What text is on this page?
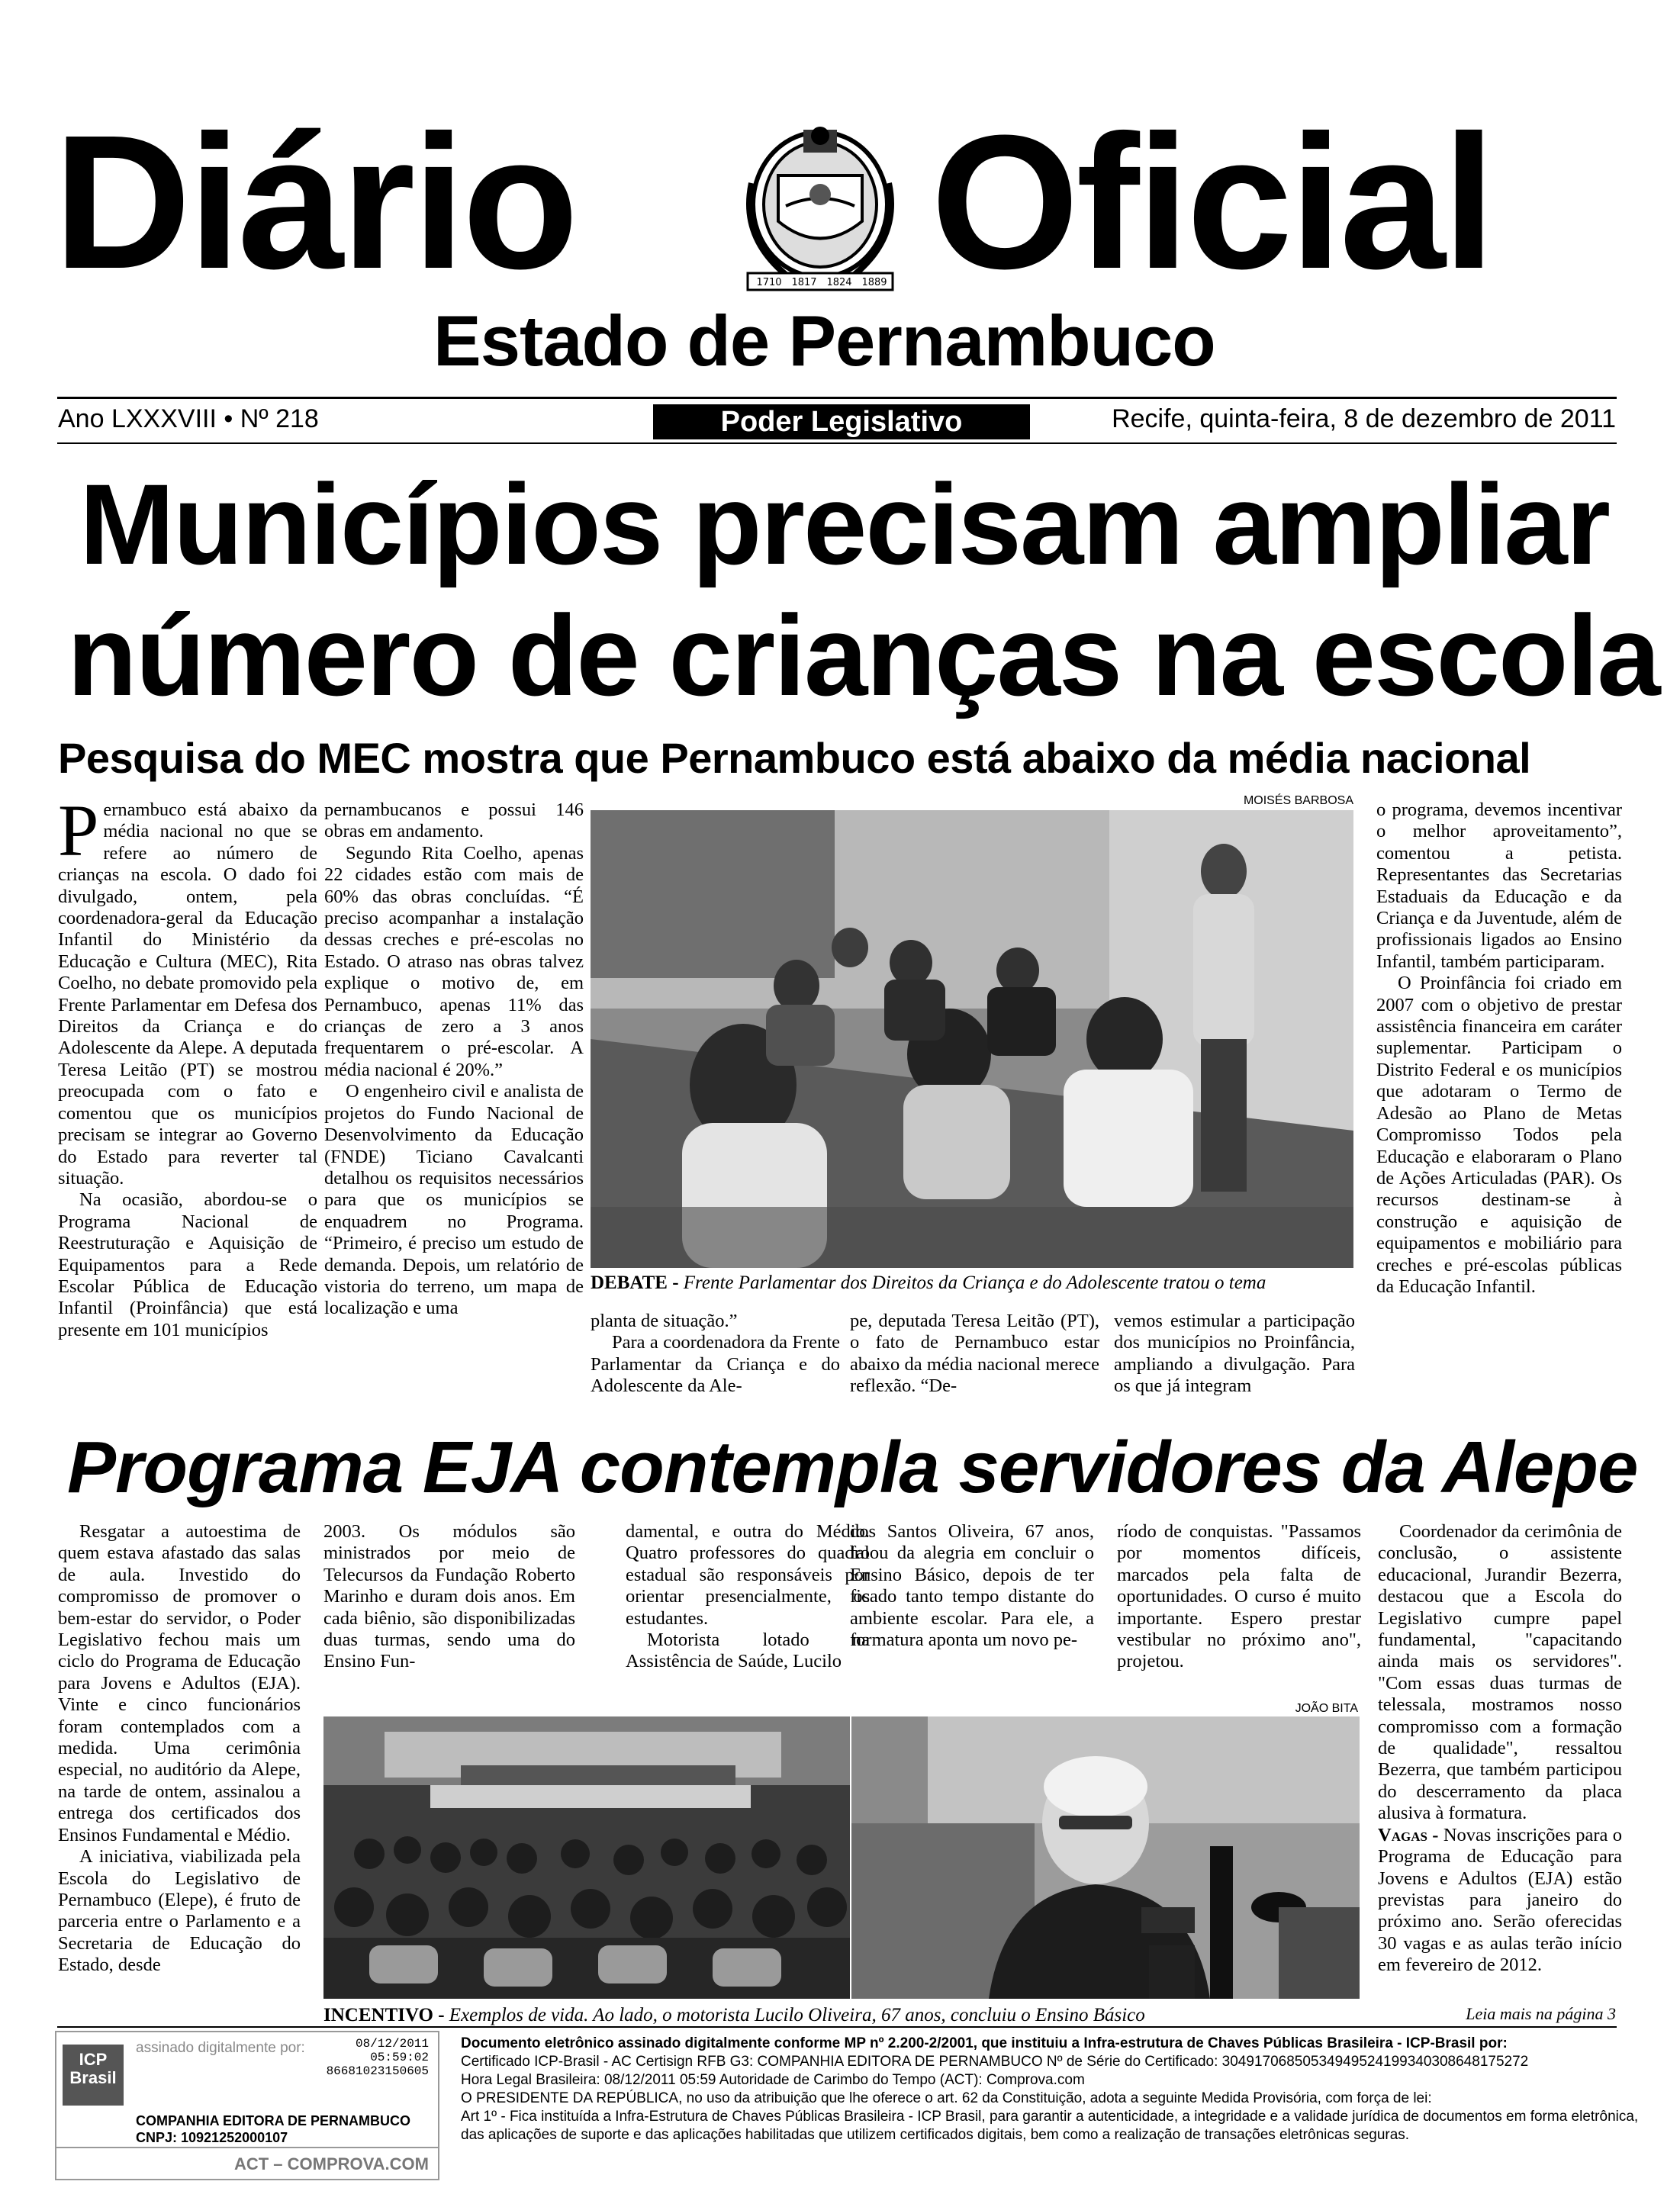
Diário	1710 1817 1824 1889 Oficial
Estado de Pernambuco
Ano LXXXVIII • Nº 218	Poder Legislativo	Recife, quinta-feira, 8 de dezembro de 2011
Municípios precisam ampliar
número de crianças na escola
Pesquisa do MEC mostra que Pernambuco está abaixo da média nacional

Pernambuco está abaixo da média nacional no que se refere ao número de crianças na escola. O dado foi divulgado, ontem, pela coordenadora-geral da Educação Infantil do Ministério da Educação e Cultura (MEC), Rita Coelho, no debate promovido pela Frente Parlamentar em Defesa dos Direitos da Criança e do Adolescente da Alepe. A deputada Teresa Leitão (PT) se mostrou preocupada com o fato e comentou que os municípios precisam se integrar ao Governo do Estado para reverter tal situação.

Na ocasião, abordou-se o Programa Nacional de Reestruturação e Aquisição de Equipamentos para a Rede Escolar Pública de Educação Infantil (Proinfância) que está presente em 101 municípios

pernambucanos e possui 146 obras em andamento.

Segundo Rita Coelho, apenas 22 cidades estão com mais de 60% das obras concluídas. “É preciso acompanhar a instalação dessas creches e pré-escolas no Estado. O atraso nas obras talvez explique o motivo de, em Pernambuco, apenas 11% das crianças de zero a 3 anos frequentarem o pré-escolar. A média nacional é 20%.”

O engenheiro civil e analista de projetos do Fundo Nacional de Desenvolvimento da Educação (FNDE) Ticiano Cavalcanti detalhou os requisitos necessários para que os municípios se enquadrem no Programa. “Primeiro, é preciso um estudo de demanda. Depois, um relatório de vistoria do terreno, um mapa de localização e uma

MOISÉS BARBOSA
DEBATE - Frente Parlamentar dos Direitos da Criança e do Adolescente tratou o tema

planta de situação.”

Para a coordenadora da Frente Parlamentar da Criança e do Adolescente da Ale-

pe, deputada Teresa Leitão (PT), o fato de Pernambuco estar abaixo da média nacional merece reflexão. “De-

vemos estimular a participação dos municípios no Proinfância, ampliando a divulgação. Para os que já integram

o programa, devemos incentivar o melhor aproveitamento”, comentou a petista. Representantes das Secretarias Estaduais da Educação e da Criança e da Juventude, além de profissionais ligados ao Ensino Infantil, também participaram.

O Proinfância foi criado em 2007 com o objetivo de prestar assistência financeira em caráter suplementar. Participam o Distrito Federal e os municípios que adotaram o Termo de Adesão ao Plano de Metas Compromisso Todos pela Educação e elaboraram o Plano de Ações Articuladas (PAR). Os recursos destinam-se à construção e aquisição de equipamentos e mobiliário para creches e pré-escolas públicas da Educação Infantil.

Programa EJA contempla servidores da Alepe

Resgatar a autoestima de quem estava afastado das salas de aula. Investido do compromisso de promover o bem-estar do servidor, o Poder Legislativo fechou mais um ciclo do Programa de Educação para Jovens e Adultos (EJA). Vinte e cinco funcionários foram contemplados com a medida. Uma cerimônia especial, no auditório da Alepe, na tarde de ontem, assinalou a entrega dos certificados dos Ensinos Fundamental e Médio.

A iniciativa, viabilizada pela Escola do Legislativo de Pernambuco (Elepe), é fruto de parceria entre o Parlamento e a Secretaria de Educação do Estado, desde

2003. Os módulos são ministrados por meio de Telecursos da Fundação Roberto Marinho e duram dois anos. Em cada biênio, são disponibilizadas duas turmas, sendo uma do Ensino Fun-

damental, e outra do Médio. Quatro professores do quadro estadual são responsáveis por orientar presencialmente, os estudantes.

Motorista lotado na Assistência de Saúde, Lucilo

dos Santos Oliveira, 67 anos, falou da alegria em concluir o Ensino Básico, depois de ter ficado tanto tempo distante do ambiente escolar. Para ele, a formatura aponta um novo pe-

ríodo de conquistas. "Passamos por momentos difíceis, marcados pela falta de oportunidades. O curso é muito importante. Espero prestar vestibular no próximo ano", projetou.

Coordenador da cerimônia de conclusão, o assistente educacional, Jurandir Bezerra, destacou que a Escola do Legislativo cumpre papel fundamental, "capacitando ainda mais os servidores". "Com essas duas turmas de telessala, mostramos nosso compromisso com a formação de qualidade", ressaltou Bezerra, que também participou do descerramento da placa alusiva à formatura.

Vagas - Novas inscrições para o Programa de Educação para Jovens e Adultos (EJA) estão previstas para janeiro do próximo ano. Serão oferecidas 30 vagas e as aulas terão início em fevereiro de 2012.

JOÃO BITA
INCENTIVO - Exemplos de vida. Ao lado, o motorista Lucilo Oliveira, 67 anos, concluiu o Ensino Básico	Leia mais na página 3
ICP Brasil
assinado digitalmente por:	08/12/2011
05:59:02
86681023150605
COMPANHIA EDITORA DE PERNAMBUCO
CNPJ: 10921252000107
ACT – COMPROVA.COM
Documento eletrônico assinado digitalmente conforme MP nº 2.200-2/2001, que instituiu a Infra-estrutura de Chaves Públicas Brasileira - ICP-Brasil por:
Certificado ICP-Brasil - AC Certisign RFB G3: COMPANHIA EDITORA DE PERNAMBUCO Nº de Série do Certificado: 30491706850534949524199340308648175272
Hora Legal Brasileira: 08/12/2011 05:59 Autoridade de Carimbo do Tempo (ACT): Comprova.com
O PRESIDENTE DA REPÚBLICA, no uso da atribuição que lhe oferece o art. 62 da Constituição, adota a seguinte Medida Provisória, com força de lei:
Art 1º - Fica instituída a Infra-Estrutura de Chaves Públicas Brasileira - ICP Brasil, para garantir a autenticidade, a integridade e a validade jurídica de documentos em forma eletrônica,
das aplicações de suporte e das aplicações habilitadas que utilizem certificados digitais, bem como a realização de transações eletrônicas seguras.
